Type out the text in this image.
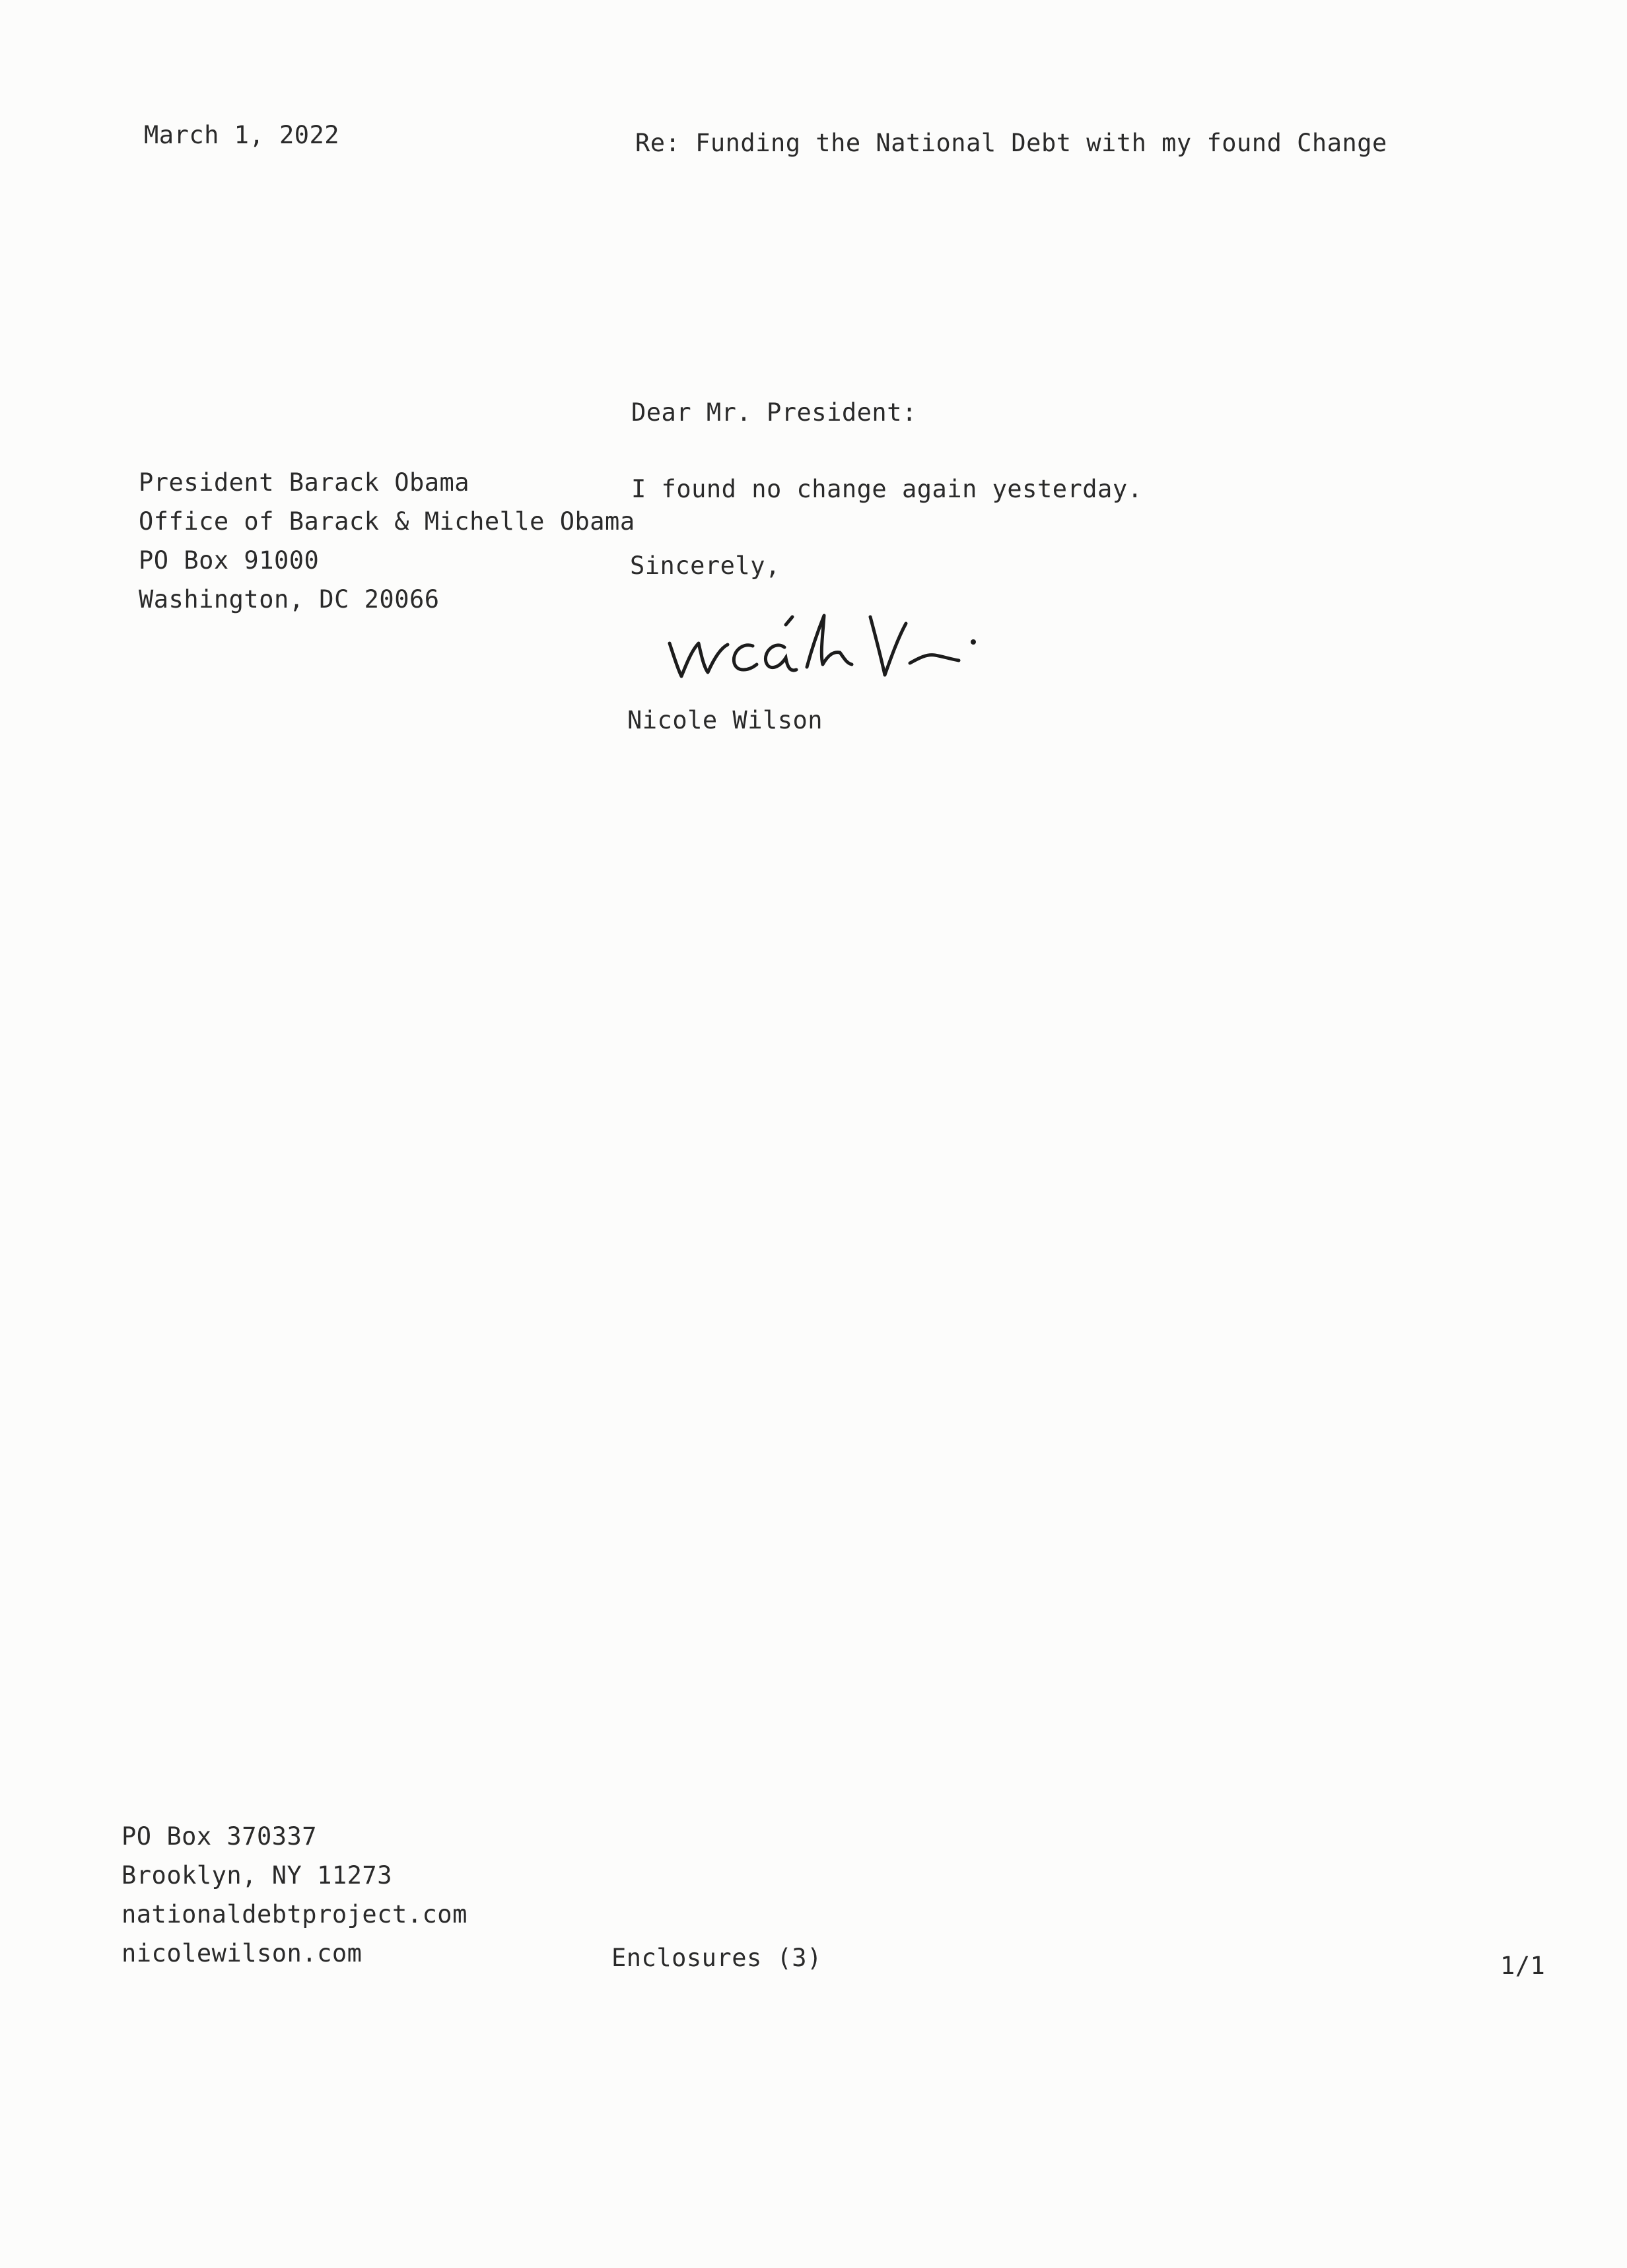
March 1, 2022	Re: Funding the National Debt with my found Change
Dear Mr. President:
President Barack Obama
Office of Barack & Michelle Obama
PO Box 91000
Washington, DC 20066
I found no change again yesterday.
Sincerely,
Nicole Wilson
PO Box 370337
Brooklyn, NY 11273
nationaldebtproject.com
nicolewilson.com	Enclosures (3)	1/1
